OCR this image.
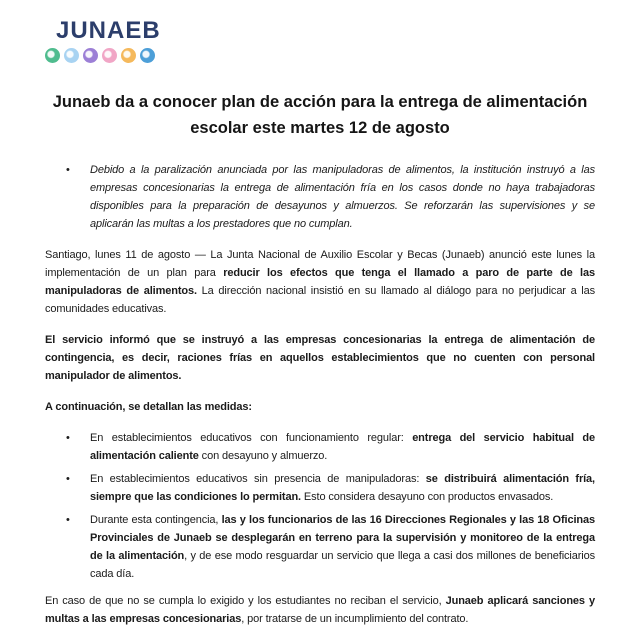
JUNAEB
Junaeb da a conocer plan de acción para la entrega de alimentación
escolar este martes 12 de agosto
•	Debido a la paralización anunciada por las manipuladoras de alimentos, la institución instruyó a las empresas concesionarias la entrega de alimentación fría en los casos donde no haya trabajadoras disponibles para la preparación de desayunos y almuerzos. Se reforzarán las supervisiones y se aplicarán las multas a los prestadores que no cumplan.

Santiago, lunes 11 de agosto — La Junta Nacional de Auxilio Escolar y Becas (Junaeb) anunció este lunes la implementación de un plan para reducir los efectos que tenga el llamado a paro de parte de las manipuladoras de alimentos. La dirección nacional insistió en su llamado al diálogo para no perjudicar a las comunidades educativas.

El servicio informó que se instruyó a las empresas concesionarias la entrega de alimentación de contingencia, es decir, raciones frías en aquellos establecimientos que no cuenten con personal manipulador de alimentos.

A continuación, se detallan las medidas:

•	En establecimientos educativos con funcionamiento regular: entrega del servicio habitual de alimentación caliente con desayuno y almuerzo.

•	En establecimientos educativos sin presencia de manipuladoras: se distribuirá alimentación fría, siempre que las condiciones lo permitan. Esto considera desayuno con productos envasados.

•	Durante esta contingencia, las y los funcionarios de las 16 Direcciones Regionales y las 18 Oficinas Provinciales de Junaeb se desplegarán en terreno para la supervisión y monitoreo de la entrega de la alimentación, y de ese modo resguardar un servicio que llega a casi dos millones de beneficiarios cada día.

En caso de que no se cumpla lo exigido y los estudiantes no reciban el servicio, Junaeb aplicará sanciones y multas a las empresas concesionarias, por tratarse de un incumplimiento del contrato.
